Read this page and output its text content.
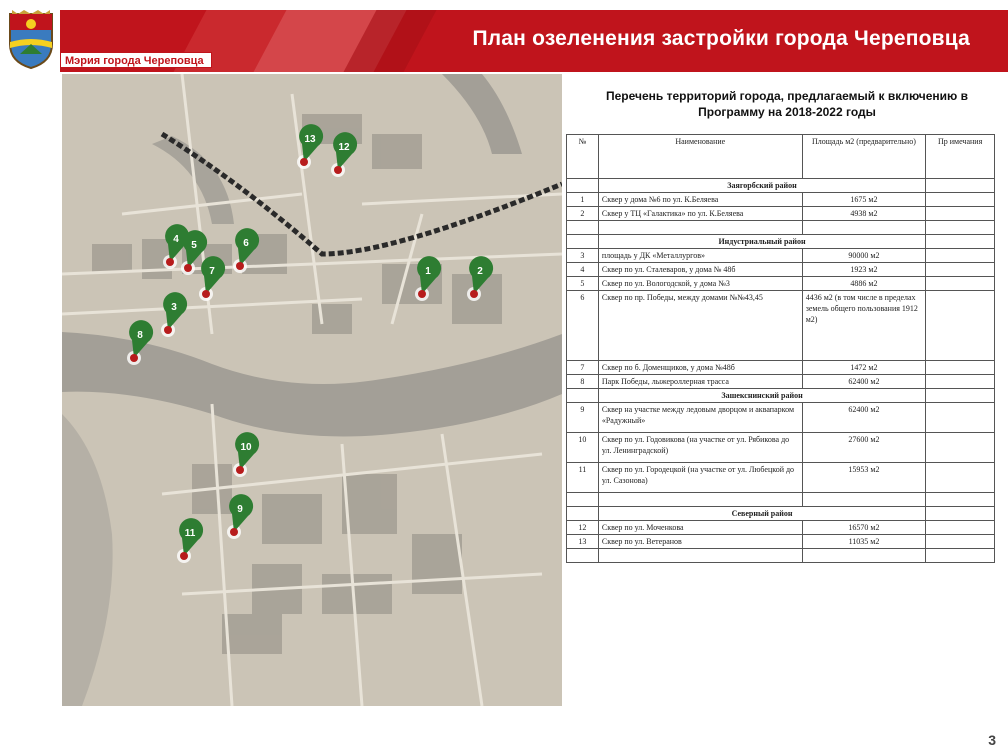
План озеленения застройки города Череповца
Мэрия города Череповца
1	2
3
4
5	6
7
8
9
10
11
12
13
Перечень территорий города, предлагаемый к включению в Программу на 2018-2022 годы
№	Наименование	Площадь м2 (предварительно)	Пр имечания
	Заягорбский район		
1	Сквер у дома №6 по ул. К.Беляева	1675 м2	
2	Сквер у ТЦ «Галактика» по ул. К.Беляева	4938 м2	

	Индустриальный район		
3	площадь у ДК «Металлургов»	90000 м2	
4	Сквер по ул. Сталеваров, у дома № 48б	1923 м2	
5	Сквер по ул. Вологодской, у дома №3	4886 м2	
6	Сквер по пр. Победы, между домами №№43,45	4436 м2 (в том числе в пределах земель общего пользования 1912 м2)	
7	Сквер по б. Доменщиков, у дома №48б	1472 м2	
8	Парк Победы, лыжероллерная трасса	62400 м2	
	Зашекснинский район		
9	Сквер на участке между ледовым дворцом и аквапарком «Радужный»	62400 м2	
10	Сквер по ул. Годовикова (на участке от ул. Рябикова до ул. Ленинградской)	27600 м2	
11	Сквер по ул. Городецкой (на участке от ул. Любецкой до ул. Сазонова)	15953 м2	

	Северный район		
12	Сквер по ул. Моченкова	16570 м2	
13	Сквер по ул. Ветеранов	11035 м2	

3
